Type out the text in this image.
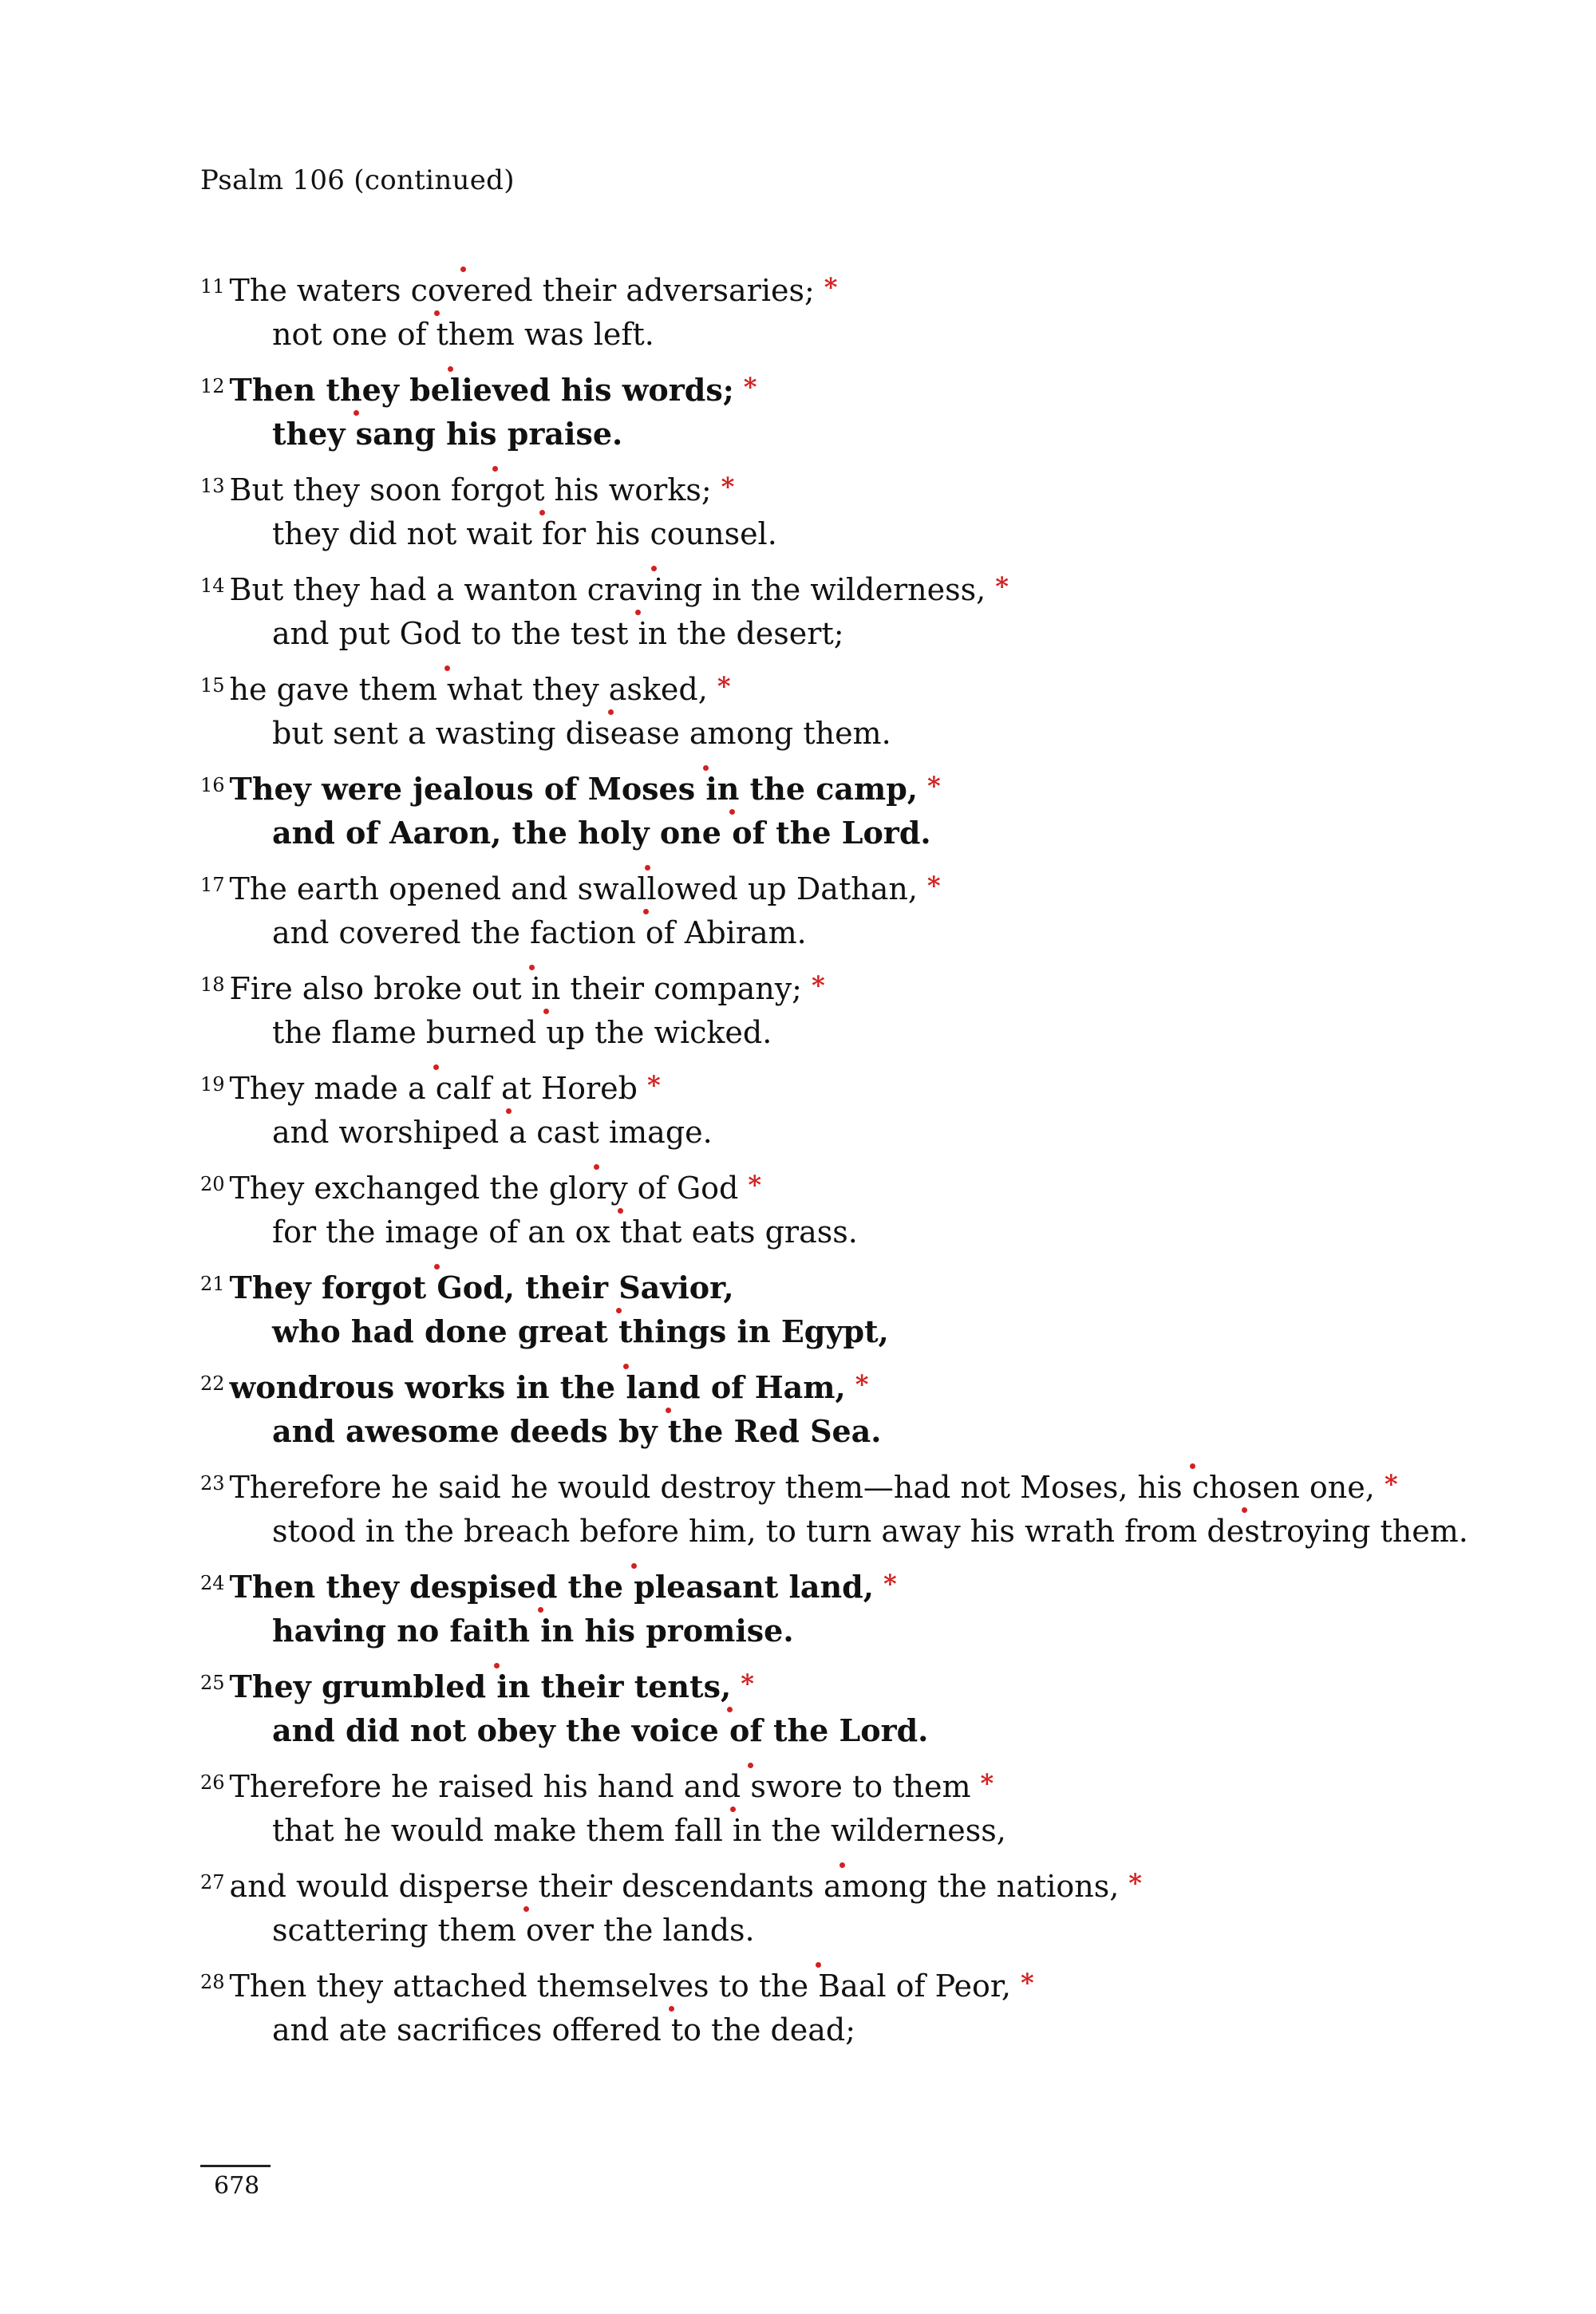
Psalm 106 (continued)
$^{11}$ The waters covered their adversaries; *
not one of them was left.
$^{12}$ Then they believed his words; *
they sang his praise.
$^{13}$ But they soon forgot his works; *
they did not wait for his counsel.
$^{14}$ But they had a wanton craving in the wilderness, *
and put God to the test in the desert;
$^{15}$ he gave them what they asked, *
but sent a wasting disease among them.
$^{16}$ They were jealous of Moses in the camp, *
and of Aaron, the holy one of the Lord.
$^{17}$ The earth opened and swallowed up Dathan, *
and covered the faction of Abiram.
$^{18}$ Fire also broke out in their company; *
the flame burned up the wicked.
$^{19}$ They made a calf at Horeb *
and worshiped a cast image.
$^{20}$ They exchanged the glory of God *
for the image of an ox that eats grass.
$^{21}$ They forgot God, their Savior,
who had done great things in Egypt,
$^{22}$ wondrous works in the land of Ham, *
and awesome deeds by the Red Sea.
$^{23}$ Therefore he said he would destroy them—had not Moses, his chosen one, *
stood in the breach before him, to turn away his wrath from destroying them.
$^{24}$ Then they despised the pleasant land, *
having no faith in his promise.
$^{25}$ They grumbled in their tents, *
and did not obey the voice of the Lord.
$^{26}$ Therefore he raised his hand and swore to them *
that he would make them fall in the wilderness,
$^{27}$ and would disperse their descendants among the nations, *
scattering them over the lands.
$^{28}$ Then they attached themselves to the Baal of Peor, *
and ate sacrifices offered to the dead;
678
